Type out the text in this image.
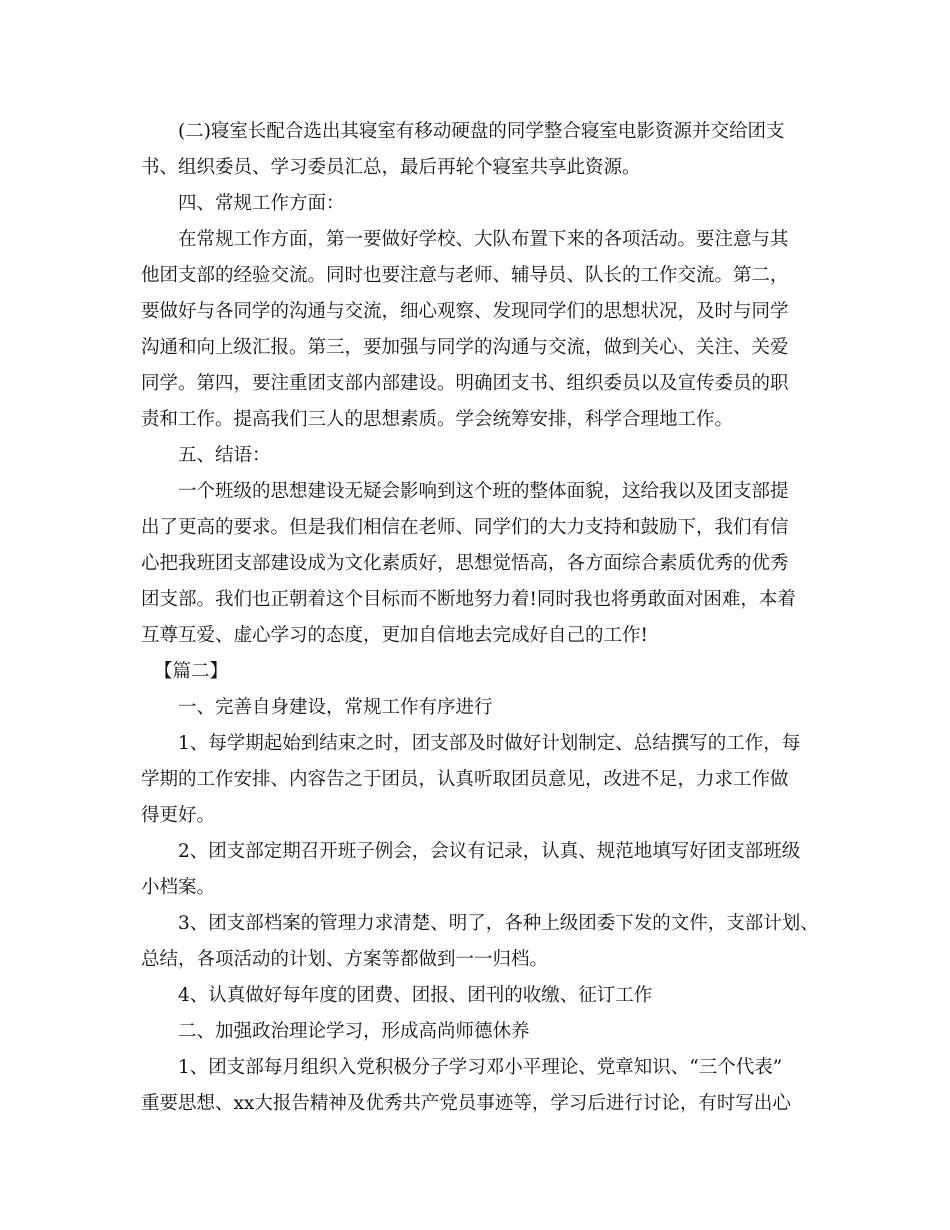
(二)寝室长配合选出其寝室有移动硬盘的同学整合寝室电影资源并交给团支
书、组织委员、学习委员汇总，最后再轮个寝室共享此资源。
四、常规工作方面：
在常规工作方面，第一要做好学校、大队布置下来的各项活动。要注意与其
他团支部的经验交流。同时也要注意与老师、辅导员、队长的工作交流。第二，
要做好与各同学的沟通与交流，细心观察、发现同学们的思想状况，及时与同学
沟通和向上级汇报。第三，要加强与同学的沟通与交流，做到关心、关注、关爱
同学。第四，要注重团支部内部建设。明确团支书、组织委员以及宣传委员的职
责和工作。提高我们三人的思想素质。学会统筹安排，科学合理地工作。
五、结语：
一个班级的思想建设无疑会影响到这个班的整体面貌，这给我以及团支部提
出了更高的要求。但是我们相信在老师、同学们的大力支持和鼓励下，我们有信
心把我班团支部建设成为文化素质好，思想觉悟高，各方面综合素质优秀的优秀
团支部。我们也正朝着这个目标而不断地努力着!同时我也将勇敢面对困难，本着
互尊互爱、虚心学习的态度，更加自信地去完成好自己的工作!
【篇二】
一、完善自身建设，常规工作有序进行
1、每学期起始到结束之时，团支部及时做好计划制定、总结撰写的工作，每
学期的工作安排、内容告之于团员，认真听取团员意见，改进不足，力求工作做
得更好。
2、团支部定期召开班子例会，会议有记录，认真、规范地填写好团支部班级
小档案。
3、团支部档案的管理力求清楚、明了，各种上级团委下发的文件，支部计划、
总结，各项活动的计划、方案等都做到一一归档。
4、认真做好每年度的团费、团报、团刊的收缴、征订工作
二、加强政治理论学习，形成高尚师德休养
1、团支部每月组织入党积极分子学习邓小平理论、党章知识、“三个代表”
重要思想、xx大报告精神及优秀共产党员事迹等，学习后进行讨论，有时写出心
